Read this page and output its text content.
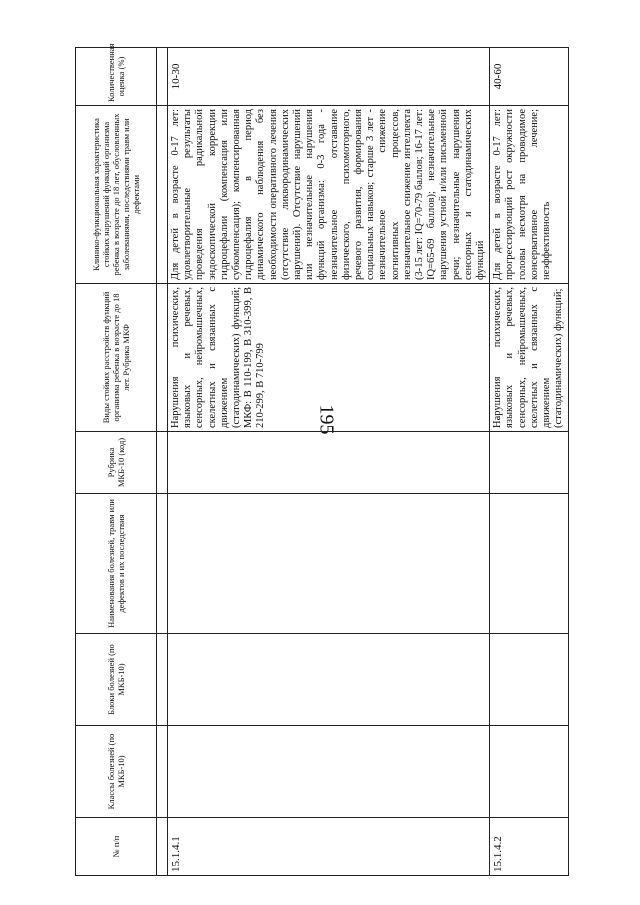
195
№ п/п	Классы болезней (по МКБ-10)	Блоки болезней (по МКБ-10)	Наименования болезней, травм или дефектов и их последствия	Рубрика МКБ-10 (код)	Виды стойких расстройств функций организма ребенка в возрасте до 18 лет. Рубрика МКФ	Клинико-функциональная характеристика стойких нарушений функций организма ребенка в возрасте до 18 лет, обусловленных заболеваниями, последствиями травм или дефектами	Количественная оценка (%)

15.1.4.1					Нарушения психических, языковых и речевых, сенсорных, нейромышечных, скелетных и связанных с движением (статодинамических) функций; МКФ: В 110-199, В 310-399, В 210-299, В 710-799	Для детей в возрасте 0-17 лет: удовлетворительные результаты проведения радикальной эндоскопической коррекции гидроцефалии (компенсация или субкомпенсация); компенсированная гидроцефалия в период динамического наблюдения без необходимости оперативного лечения (отсутствие ликвородинамических нарушений). Отсутствие нарушений или незначительные нарушения функций организма: 0-3 года - незначительное отставание физического, психомоторного, речевого развития, формирования социальных навыков; старше 3 лет - незначительное снижение когнитивных процессов, незначительное снижение интеллекта (3-15 лет: IQ=70-79 баллов; 16-17 лет: IQ=65-69 баллов); незначительные нарушения устной и/или письменной речи; незначительные нарушения сенсорных и статодинамических функций	10-30
15.1.4.2					Нарушения психических, языковых и речевых, сенсорных, нейромышечных, скелетных и связанных с движением (статодинамических) функций;	Для детей в возрасте 0-17 лет: прогрессирующий рост окружности головы несмотря на проводимое консервативное лечение; неэффективность	40-60
